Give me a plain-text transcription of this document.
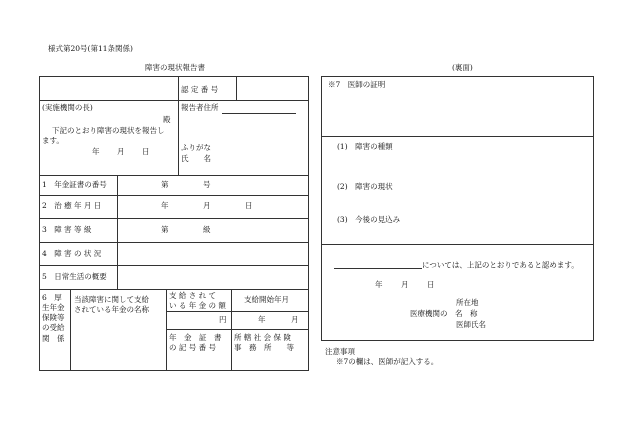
様式第20号(第11条関係)
障害の現状報告書	(裏面)
認 定 番 号
(実施機関の長)
殿
下記のとおり障害の現状を報告し
ます。
年 月 日
報告者住所
ふりがな
氏　　名
1　年金証書の番号	第	号
2　治 癒 年 月 日	年	月	日
3　障 害 等 級	第	級
4　障 害 の 状 況
5　日常生活の概要
6　厚
生年金
保険等
の受給
関　係
当該障害に関して支給
されている年金の名称
支 給 さ れ て
い る 年 金 の 額
支給開始年月
円	年	月
年　金　証　書
の 記 号 番 号
所 轄 社 会 保 険
事　務　所　　等
※7　医師の証明
(1)　障害の種類
(2)　障害の現状
(3)　今後の見込み
については、上記のとおりであると認めます。
年 月 日
所在地
医療機関の　名　称
医師氏名
注意事項
※7の欄は、医師が記入する。
